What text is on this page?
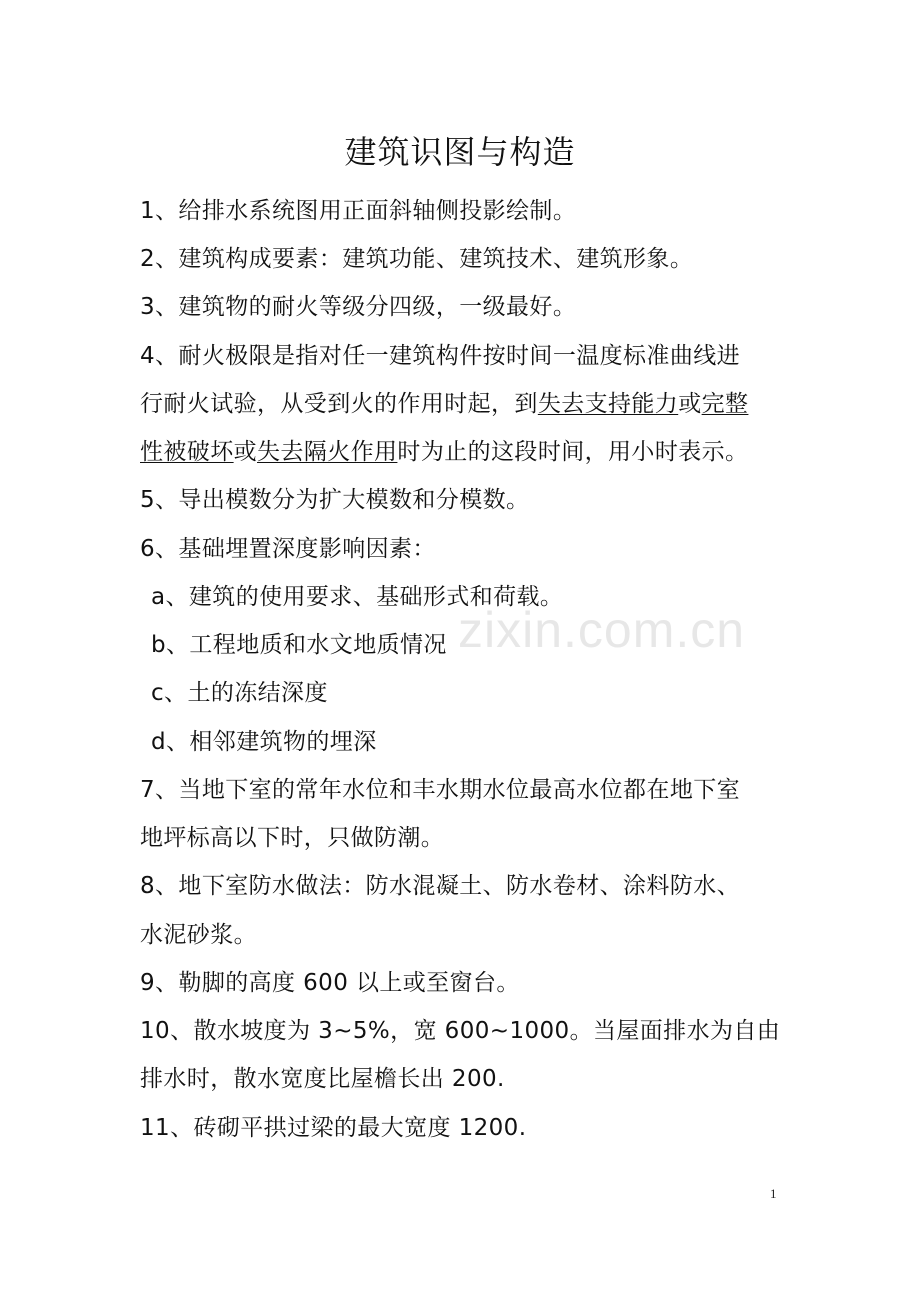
建筑识图与构造
1、给排水系统图用正面斜轴侧投影绘制。
2、建筑构成要素：建筑功能、建筑技术、建筑形象。
3、建筑物的耐火等级分四级，一级最好。
4、耐火极限是指对任一建筑构件按时间一温度标准曲线进
行耐火试验，从受到火的作用时起，到失去支持能力或完整
性被破坏或失去隔火作用时为止的这段时间，用小时表示。
5、导出模数分为扩大模数和分模数。
6、基础埋置深度影响因素：
a、建筑的使用要求、基础形式和荷载。
b、工程地质和水文地质情况
c、土的冻结深度
d、相邻建筑物的埋深
7、当地下室的常年水位和丰水期水位最高水位都在地下室
地坪标高以下时，只做防潮。
8、地下室防水做法：防水混凝土、防水卷材、涂料防水、
水泥砂浆。
9、勒脚的高度 600 以上或至窗台。
10、散水坡度为 3~5%，宽 600~1000。当屋面排水为自由
排水时，散水宽度比屋檐长出 200.
11、砖砌平拱过梁的最大宽度 1200.
zixin.com.cn
1
